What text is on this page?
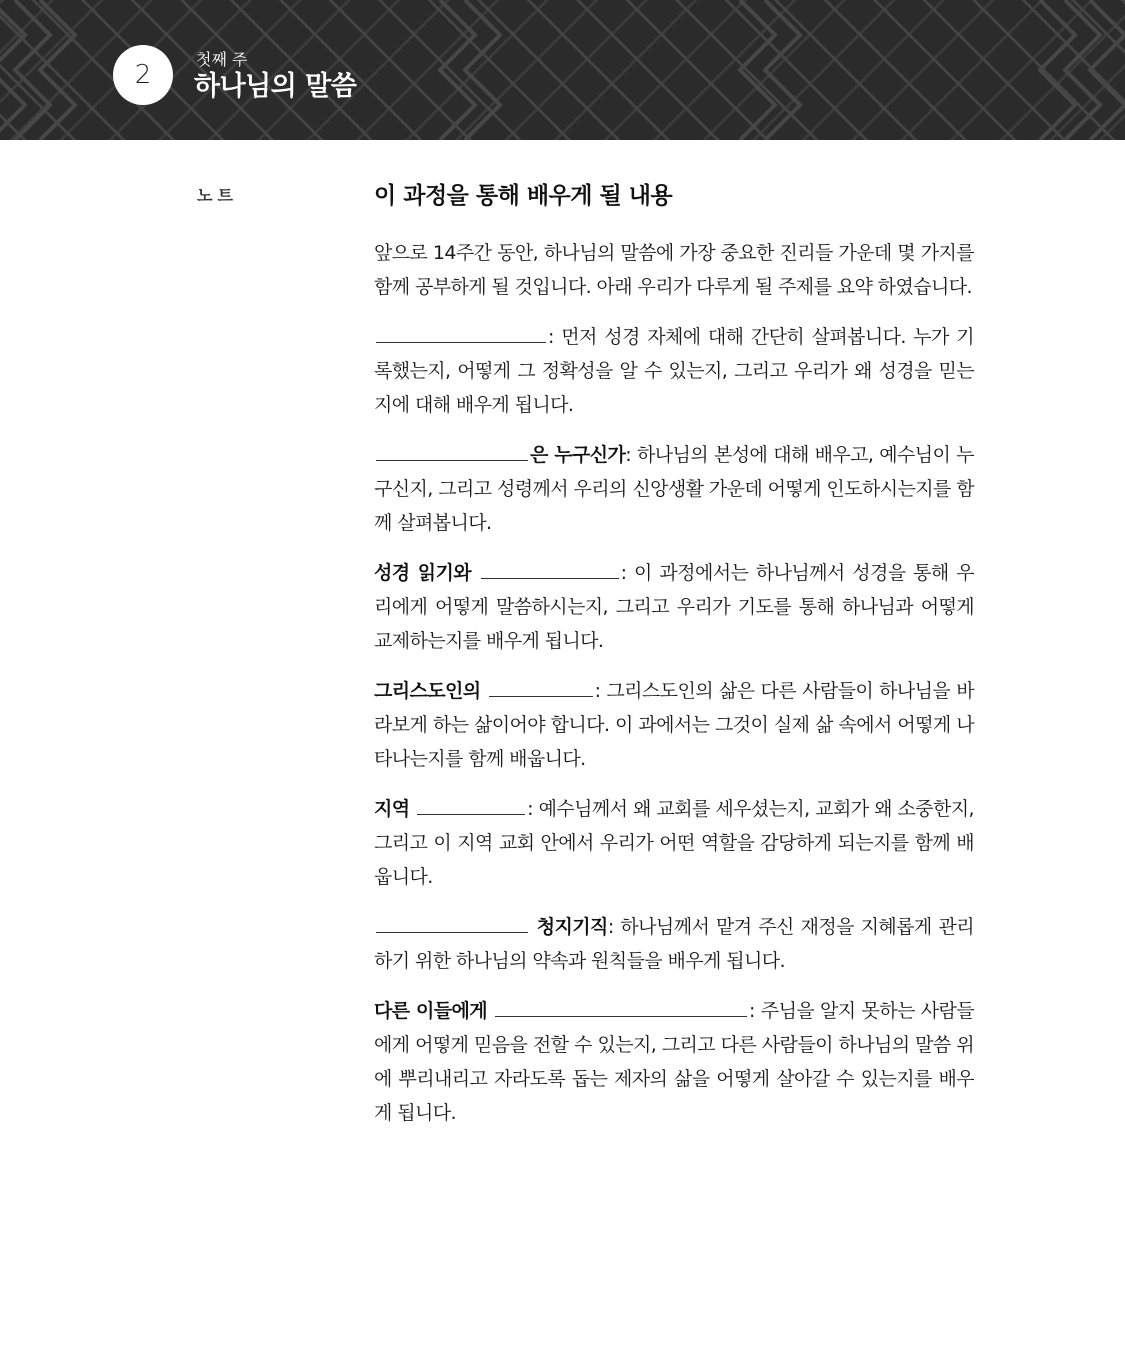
2
첫째 주
하나님의 말씀
노트	이 과정을 통해 배우게 될 내용

앞으로 14주간 동안, 하나님의 말씀에 가장 중요한 진리들 가운데 몇 가지를 함께 공부하게 될 것입니다. 아래 우리가 다루게 될 주제를 요약 하였습니다.

: 먼저 성경 자체에 대해 간단히 살펴봅니다. 누가 기록했는지, 어떻게 그 정확성을 알 수 있는지, 그리고 우리가 왜 성경을 믿는지에 대해 배우게 됩니다.

은 누구신가: 하나님의 본성에 대해 배우고, 예수님이 누구신지, 그리고 성령께서 우리의 신앙생활 가운데 어떻게 인도하시는지를 함께 살펴봅니다.

성경 읽기와	: 이 과정에서는 하나님께서 성경을 통해 우리에게 어떻게 말씀하시는지, 그리고 우리가 기도를 통해 하나님과 어떻게 교제하는지를 배우게 됩니다.

그리스도인의	: 그리스도인의 삶은 다른 사람들이 하나님을 바라보게 하는 삶이어야 합니다. 이 과에서는 그것이 실제 삶 속에서 어떻게 나타나는지를 함께 배웁니다.

지역	: 예수님께서 왜 교회를 세우셨는지, 교회가 왜 소중한지, 그리고 이 지역 교회 안에서 우리가 어떤 역할을 감당하게 되는지를 함께 배웁니다.

청지기직: 하나님께서 맡겨 주신 재정을 지혜롭게 관리하기 위한 하나님의 약속과 원칙들을 배우게 됩니다.

다른 이들에게	: 주님을 알지 못하는 사람들에게 어떻게 믿음을 전할 수 있는지, 그리고 다른 사람들이 하나님의 말씀 위에 뿌리내리고 자라도록 돕는 제자의 삶을 어떻게 살아갈 수 있는지를 배우게 됩니다.
